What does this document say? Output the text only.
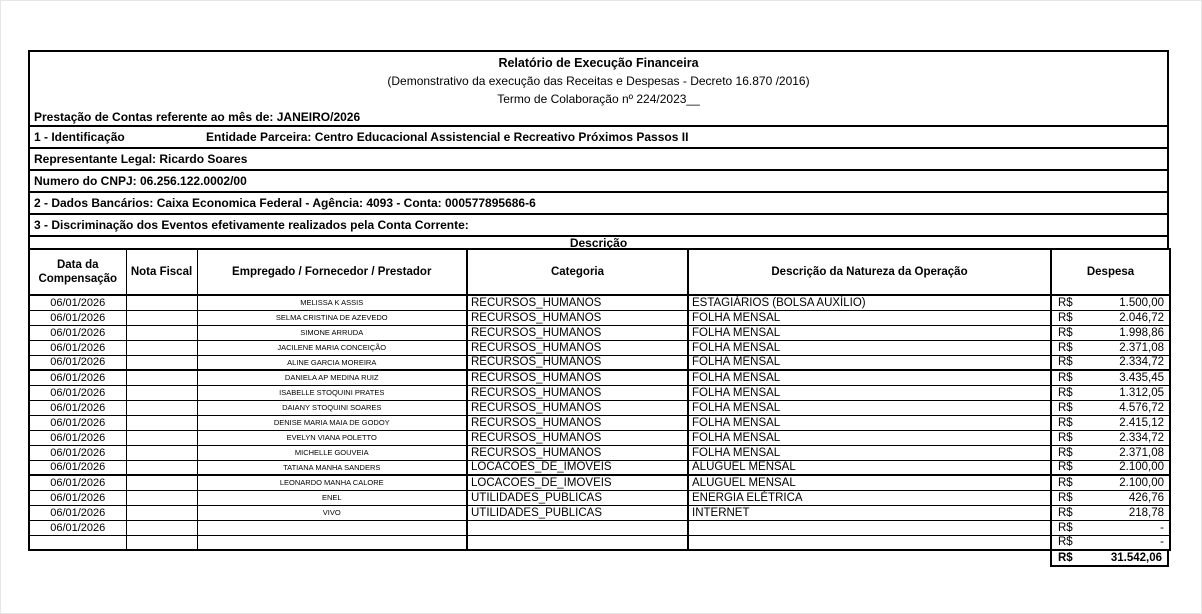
Relatório de Execução Financeira
(Demonstrativo da execução das Receitas e Despesas - Decreto 16.870 /2016)
Termo de Colaboração nº 224/2023__
Prestação de Contas referente ao mês de: JANEIRO/2026
1 - Identificação	Entidade Parceira: Centro Educacional Assistencial e Recreativo Próximos Passos II
Representante Legal: Ricardo Soares
Numero do CNPJ: 06.256.122.0002/00
2 - Dados Bancários: Caixa Economica Federal - Agência: 4093 - Conta: 000577895686-6
3 - Discriminação dos Eventos efetivamente realizados pela Conta Corrente:
Descrição
Data da Compensação	Nota Fiscal	Empregado / Fornecedor / Prestador	Categoria	Descrição da Natureza da Operação	Despesa
06/01/2026		MELISSA K ASSIS	RECURSOS_HUMANOS	ESTAGIÁRIOS (BOLSA AUXÍLIO)	R$ 1.500,00

06/01/2026		SELMA CRISTINA DE AZEVEDO	RECURSOS_HUMANOS	FOLHA MENSAL	R$ 2.046,72

06/01/2026		SIMONE ARRUDA	RECURSOS_HUMANOS	FOLHA MENSAL	R$ 1.998,86

06/01/2026		JACILENE MARIA CONCEIÇÃO	RECURSOS_HUMANOS	FOLHA MENSAL	R$ 2.371,08

06/01/2026		ALINE GARCIA MOREIRA	RECURSOS_HUMANOS	FOLHA MENSAL	R$ 2.334,72

06/01/2026		DANIELA AP MEDINA RUIZ	RECURSOS_HUMANOS	FOLHA MENSAL	R$ 3.435,45

06/01/2026		ISABELLE STOQUINI PRATES	RECURSOS_HUMANOS	FOLHA MENSAL	R$ 1.312,05

06/01/2026		DAIANY STOQUINI SOARES	RECURSOS_HUMANOS	FOLHA MENSAL	R$ 4.576,72

06/01/2026		DENISE MARIA MAIA DE GODOY	RECURSOS_HUMANOS	FOLHA MENSAL	R$ 2.415,12

06/01/2026		EVELYN VIANA POLETTO	RECURSOS_HUMANOS	FOLHA MENSAL	R$ 2.334,72

06/01/2026		MICHELLE GOUVEIA	RECURSOS_HUMANOS	FOLHA MENSAL	R$ 2.371,08

06/01/2026		TATIANA MANHA SANDERS	LOCACOES_DE_IMOVEIS	ALUGUEL MENSAL	R$ 2.100,00

06/01/2026		LEONARDO MANHA CALORE	LOCACOES_DE_IMOVEIS	ALUGUEL MENSAL	R$ 2.100,00

06/01/2026		ENEL	UTILIDADES_PUBLICAS	ENERGIA ELÉTRICA	R$ 426,76

06/01/2026		VIVO	UTILIDADES_PUBLICAS	INTERNET	R$ 218,78

06/01/2026					R$ -

					R$ -
R$	31.542,06
